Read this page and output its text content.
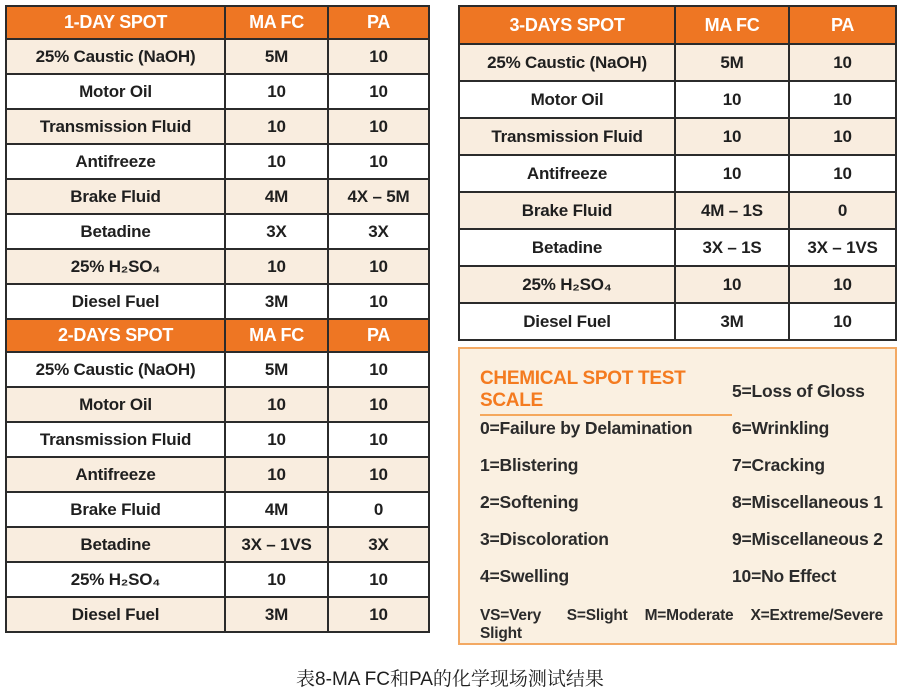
1-DAY SPOT	MA FC	PA
25% Caustic (NaOH)	5M	10
Motor Oil	10	10
Transmission Fluid	10	10
Antifreeze	10	10
Brake Fluid	4M	4X – 5M
Betadine	3X	3X
25% H₂SO₄	10	10
Diesel Fuel	3M	10
2-DAYS SPOT	MA FC	PA
25% Caustic (NaOH)	5M	10
Motor Oil	10	10
Transmission Fluid	10	10
Antifreeze	10	10
Brake Fluid	4M	0
Betadine	3X – 1VS	3X
25% H₂SO₄	10	10
Diesel Fuel	3M	10
3-DAYS SPOT	MA FC	PA
25% Caustic (NaOH)	5M	10
Motor Oil	10	10
Transmission Fluid	10	10
Antifreeze	10	10
Brake Fluid	4M – 1S	0
Betadine	3X – 1S	3X – 1VS
25% H₂SO₄	10	10
Diesel Fuel	3M	10
CHEMICAL SPOT TEST SCALE	5=Loss of Gloss
0=Failure by Delamination	6=Wrinkling
1=Blistering	7=Cracking
2=Softening	8=Miscellaneous 1
3=Discoloration	9=Miscellaneous 2
4=Swelling	10=No Effect
VS=Very Slight
S=Slight M=Moderate X=Extreme/Severe
表8-MA FC和PA的化学现场测试结果
